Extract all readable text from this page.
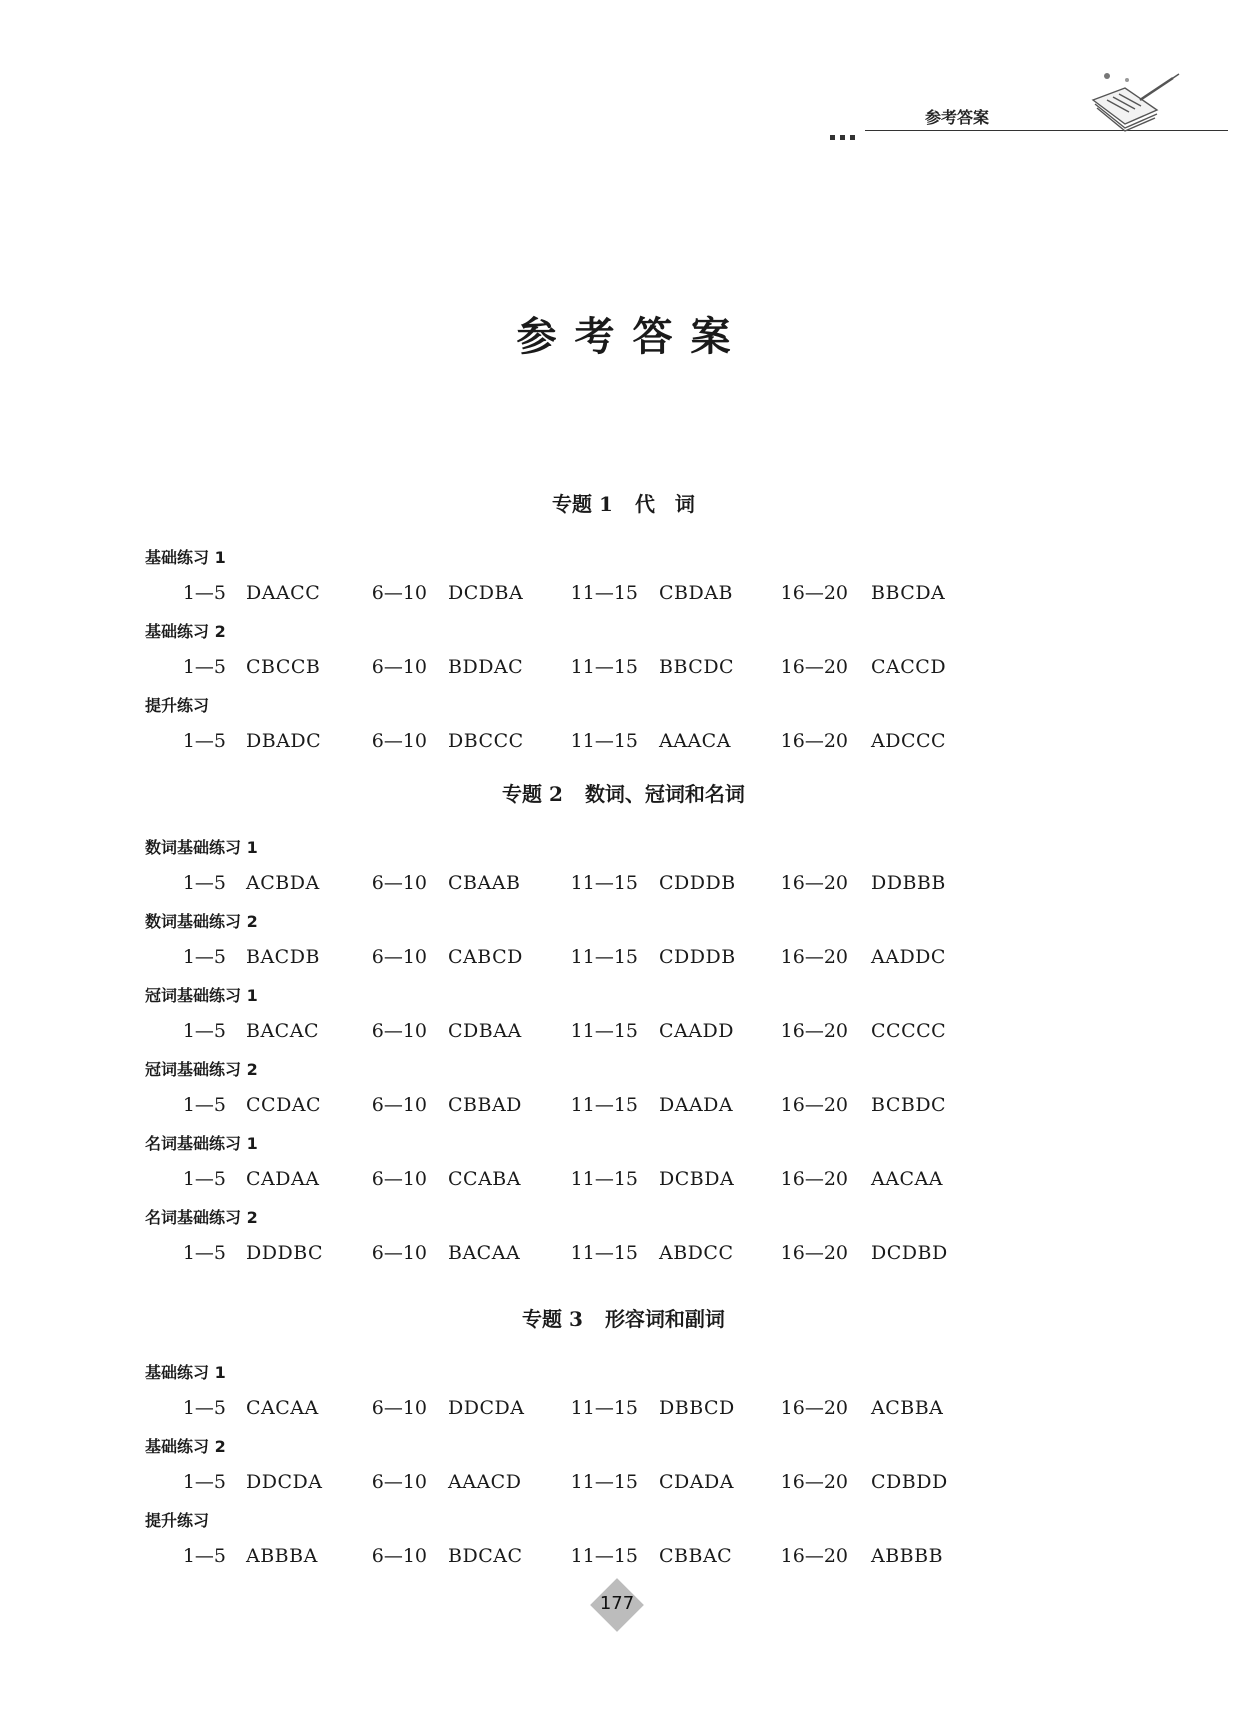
参考答案
参考答案
专题 1 代　词
基础练习 1
1—5 DAACC	6—10 DCDBA 11—15 CBDAB	16—20 BBCDA
基础练习 2
1—5 CBCCB	6—10 BDDAC 11—15 BBCDC 16—20 CACCD
提升练习
1—5 DBADC	6—10 DBCCC 11—15 AAACA	16—20 ADCCC
专题 2 数词、冠词和名词
数词基础练习 1
1—5 ACBDA	6—10 CBAAB	11—15 CDDDB 16—20 DDBBB
数词基础练习 2
1—5 BACDB	6—10 CABCD	11—15 CDDDB 16—20 AADDC
冠词基础练习 1
1—5 BACAC	6—10 CDBAA	11—15 CAADD 16—20 CCCCC
冠词基础练习 2
1—5 CCDAC	6—10 CBBAD	11—15 DAADA	16—20 BCBDC
名词基础练习 1
1—5 CADAA	6—10 CCABA	11—15 DCBDA 16—20 AACAA
名词基础练习 2
1—5 DDDBC	6—10 BACAA	11—15 ABDCC 16—20 DCDBD
专题 3 形容词和副词
基础练习 1
1—5 CACAA	6—10 DDCDA 11—15 DBBCD 16—20 ACBBA
基础练习 2
1—5 DDCDA	6—10 AAACD	11—15 CDADA 16—20 CDBDD
提升练习
1—5 ABBBA	6—10 BDCAC	11—15 CBBAC	16—20 ABBBB
177
